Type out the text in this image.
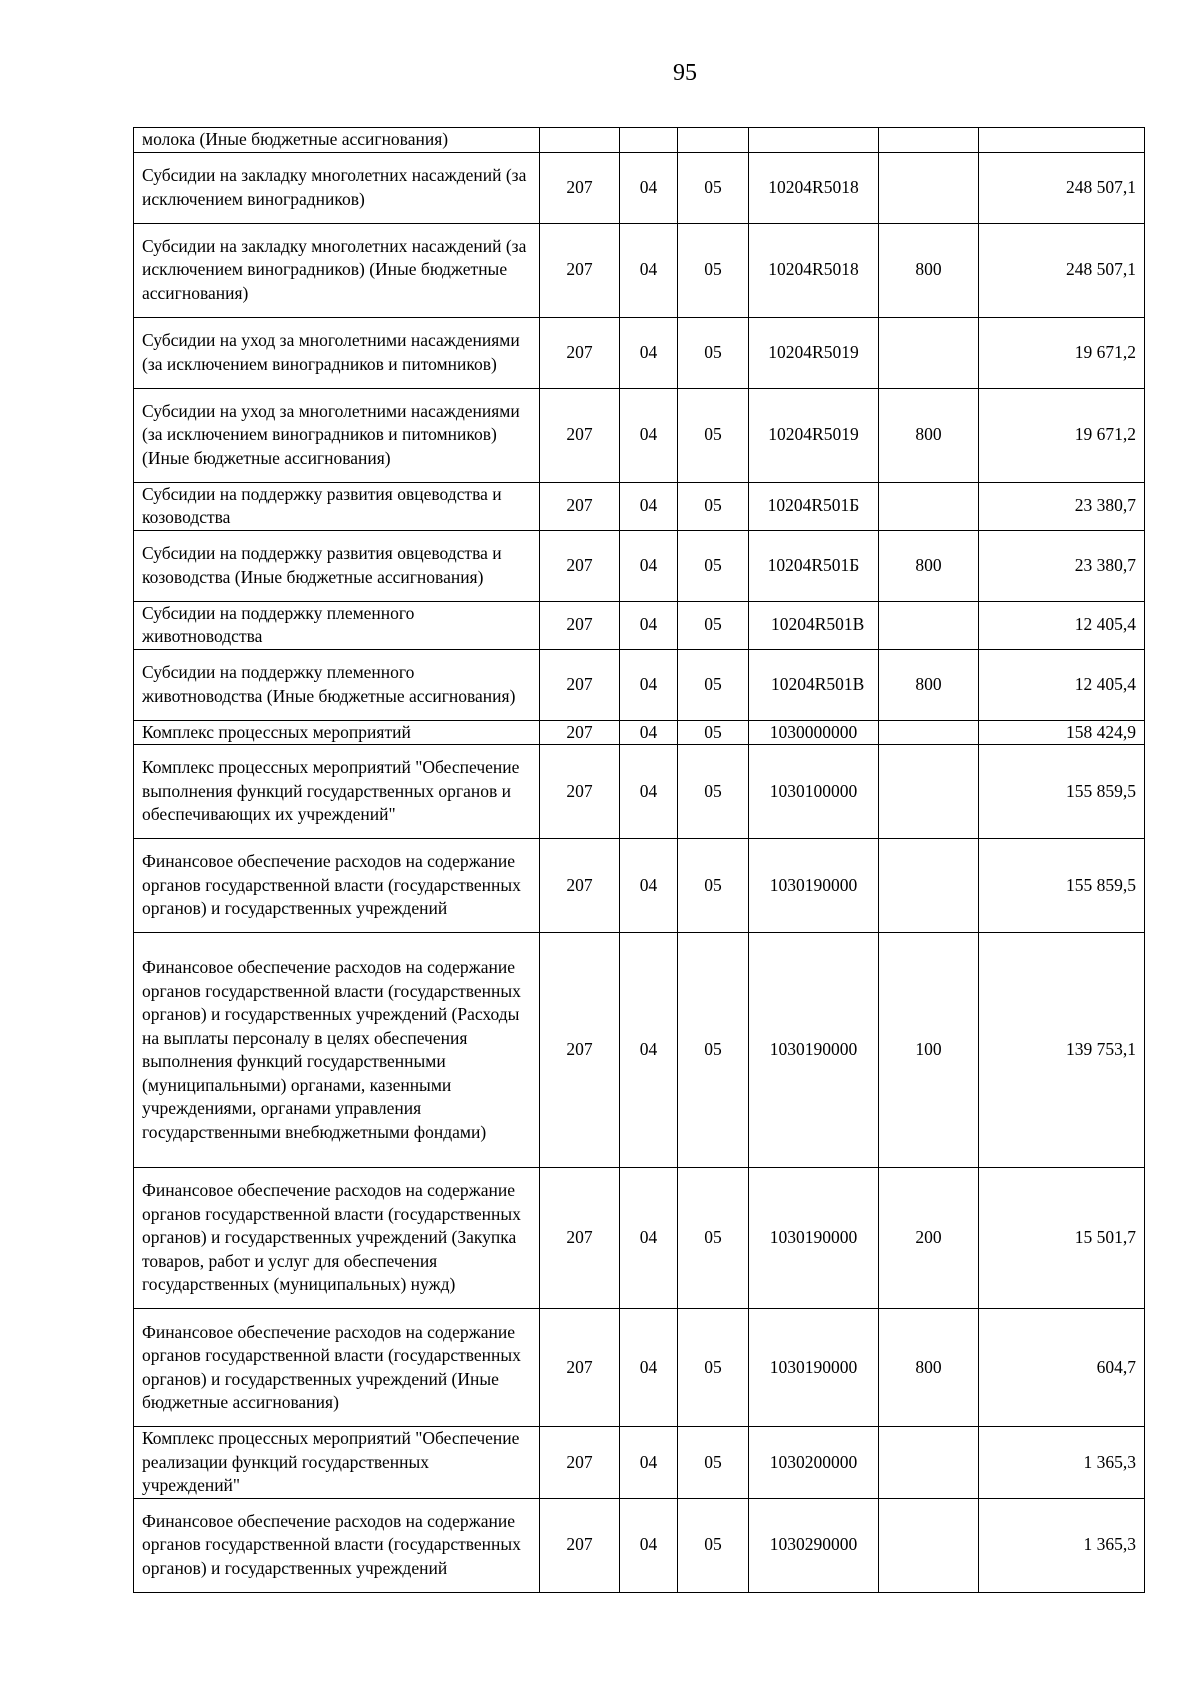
95
молока (Иные бюджетные ассигнования)						
Субсидии на закладку многолетних насаждений (за исключением виноградников)	207	04	05	10204R5018		248 507,1
Субсидии на закладку многолетних насаждений (за исключением виноградников) (Иные бюджетные ассигнования)	207	04	05	10204R5018	800	248 507,1
Субсидии на уход за многолетними насаждениями (за исключением виноградников и питомников)	207	04	05	10204R5019		19 671,2
Субсидии на уход за многолетними насаждениями (за исключением виноградников и питомников) (Иные бюджетные ассигнования)	207	04	05	10204R5019	800	19 671,2
Субсидии на поддержку развития овцеводства и козоводства	207	04	05	10204R501Б		23 380,7
Субсидии на поддержку развития овцеводства и козоводства (Иные бюджетные ассигнования)	207	04	05	10204R501Б	800	23 380,7
Субсидии на поддержку племенного животноводства	207	04	05	10204R501В		12 405,4
Субсидии на поддержку племенного животноводства (Иные бюджетные ассигнования)	207	04	05	10204R501В	800	12 405,4
Комплекс процессных мероприятий	207	04	05	1030000000		158 424,9
Комплекс процессных мероприятий "Обеспечение выполнения функций государственных органов и обеспечивающих их учреждений"	207	04	05	1030100000		155 859,5
Финансовое обеспечение расходов на содержание органов государственной власти (государственных органов) и государственных учреждений	207	04	05	1030190000		155 859,5
Финансовое обеспечение расходов на содержание органов государственной власти (государственных органов) и государственных учреждений (Расходы на выплаты персоналу в целях обеспечения выполнения функций государственными (муниципальными) органами, казенными учреждениями, органами управления государственными внебюджетными фондами)	207	04	05	1030190000	100	139 753,1
Финансовое обеспечение расходов на содержание органов государственной власти (государственных органов) и государственных учреждений (Закупка товаров, работ и услуг для обеспечения государственных (муниципальных) нужд)	207	04	05	1030190000	200	15 501,7
Финансовое обеспечение расходов на содержание органов государственной власти (государственных органов) и государственных учреждений (Иные бюджетные ассигнования)	207	04	05	1030190000	800	604,7
Комплекс процессных мероприятий "Обеспечение реализации функций государственных учреждений"	207	04	05	1030200000		1 365,3
Финансовое обеспечение расходов на содержание органов государственной власти (государственных органов) и государственных учреждений	207	04	05	1030290000		1 365,3
